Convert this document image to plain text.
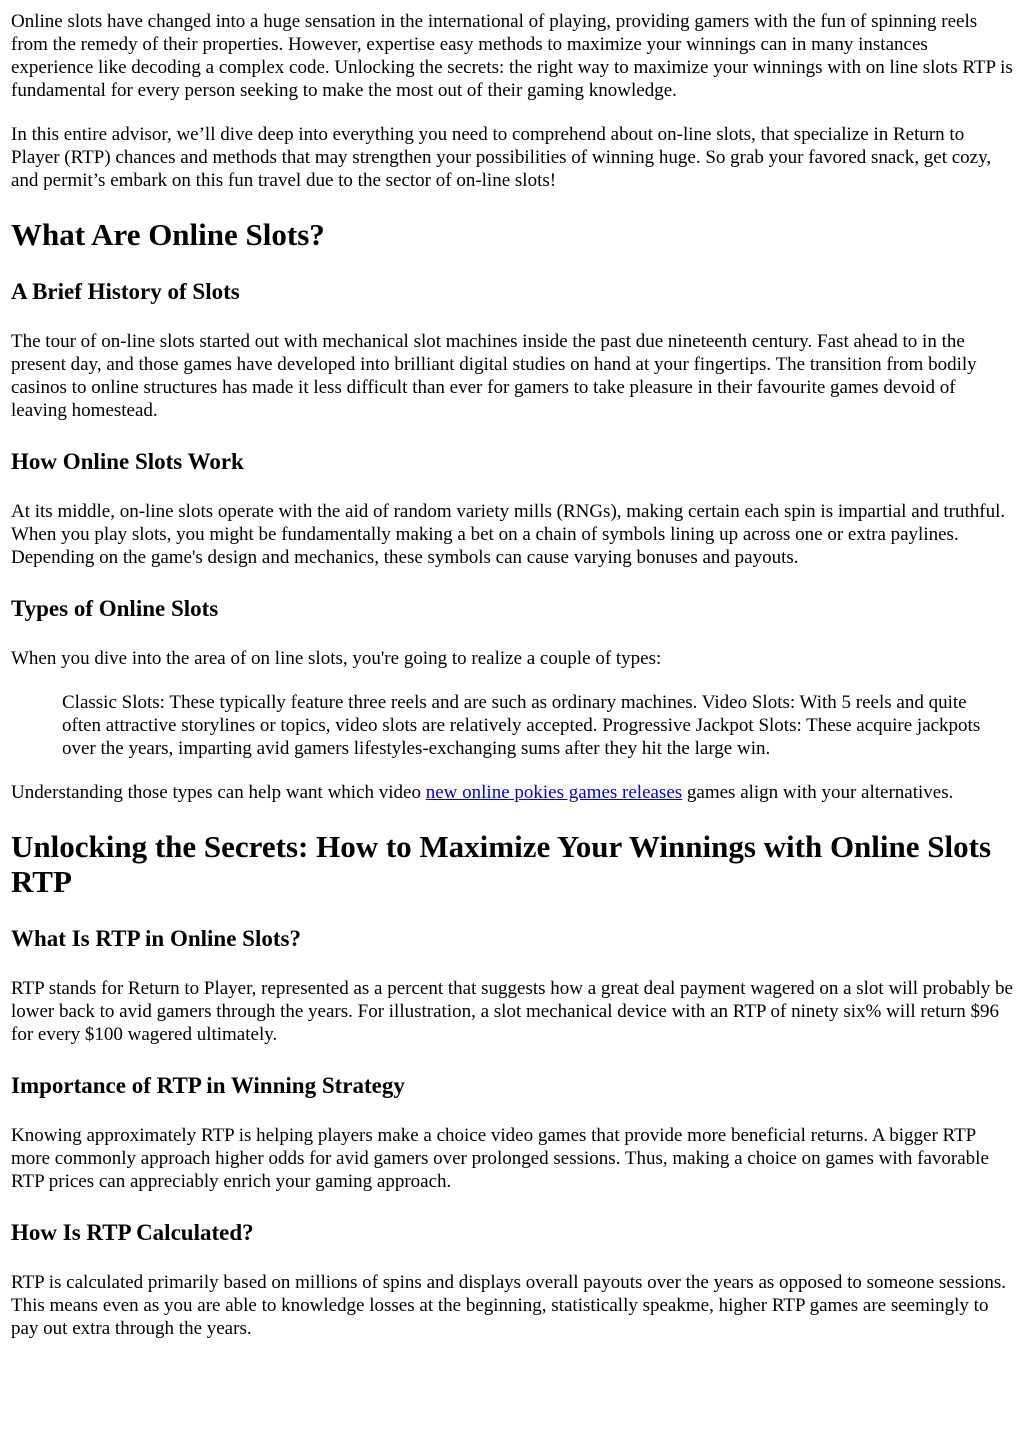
Online slots have changed into a huge sensation in the international of playing, providing gamers with the fun of spinning reels from the remedy of their properties. However, expertise easy methods to maximize your winnings can in many instances experience like decoding a complex code. Unlocking the secrets: the right way to maximize your winnings with on line slots RTP is fundamental for every person seeking to make the most out of their gaming knowledge.

In this entire advisor, we’ll dive deep into everything you need to comprehend about on-line slots, that specialize in Return to Player (RTP) chances and methods that may strengthen your possibilities of winning huge. So grab your favored snack, get cozy, and permit’s embark on this fun travel due to the sector of on-line slots!

What Are Online Slots?
A Brief History of Slots

The tour of on-line slots started out with mechanical slot machines inside the past due nineteenth century. Fast ahead to in the present day, and those games have developed into brilliant digital studies on hand at your fingertips. The transition from bodily casinos to online structures has made it less difficult than ever for gamers to take pleasure in their favourite games devoid of leaving homestead.

How Online Slots Work

At its middle, on-line slots operate with the aid of random variety mills (RNGs), making certain each spin is impartial and truthful. When you play slots, you might be fundamentally making a bet on a chain of symbols lining up across one or extra paylines. Depending on the game's design and mechanics, these symbols can cause varying bonuses and payouts.

Types of Online Slots

When you dive into the area of on line slots, you're going to realize a couple of types:

Classic Slots: These typically feature three reels and are such as ordinary machines. Video Slots: With 5 reels and quite often attractive storylines or topics, video slots are relatively accepted. Progressive Jackpot Slots: These acquire jackpots over the years, imparting avid gamers lifestyles-exchanging sums after they hit the large win.

Understanding those types can help want which video new online pokies games releases games align with your alternatives.

Unlocking the Secrets: How to Maximize Your Winnings with Online Slots RTP
What Is RTP in Online Slots?

RTP stands for Return to Player, represented as a percent that suggests how a great deal payment wagered on a slot will probably be lower back to avid gamers through the years. For illustration, a slot mechanical device with an RTP of ninety six% will return $96 for every $100 wagered ultimately.

Importance of RTP in Winning Strategy

Knowing approximately RTP is helping players make a choice video games that provide more beneficial returns. A bigger RTP more commonly approach higher odds for avid gamers over prolonged sessions. Thus, making a choice on games with favorable RTP prices can appreciably enrich your gaming approach.

How Is RTP Calculated?

RTP is calculated primarily based on millions of spins and displays overall payouts over the years as opposed to someone sessions. This means even as you are able to knowledge losses at the beginning, statistically speakme, higher RTP games are seemingly to pay out extra through the years.
